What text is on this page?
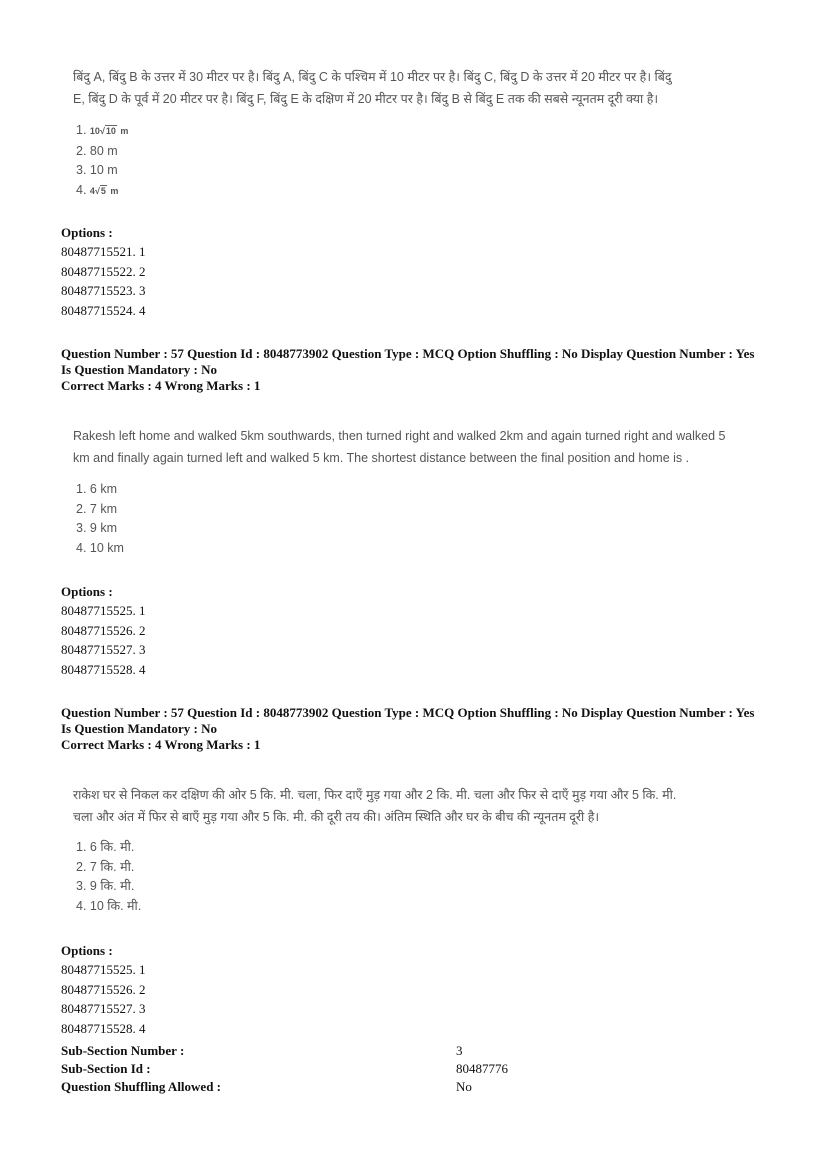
बिंदु A, बिंदु B के उत्तर में 30 मीटर पर है। बिंदु A, बिंदु C के पश्चिम में 10 मीटर पर है। बिंदु C, बिंदु D के उत्तर में 20 मीटर पर है। बिंदु
E, बिंदु D के पूर्व में 20 मीटर पर है। बिंदु F, बिंदु E के दक्षिण में 20 मीटर पर है। बिंदु B से बिंदु E तक की सबसे न्यूनतम दूरी क्या है।
1. 10√10 m
2. 80 m
3. 10 m
4. 4√5 m
Options :
80487715521. 1
80487715522. 2
80487715523. 3
80487715524. 4
Question Number : 57 Question Id : 8048773902 Question Type : MCQ Option Shuffling : No Display Question Number : Yes
Is Question Mandatory : No
Correct Marks : 4 Wrong Marks : 1
Rakesh left home and walked 5km southwards, then turned right and walked 2km and again turned right and walked 5
km and finally again turned left and walked 5 km. The shortest distance between the final position and home is .
1. 6 km
2. 7 km
3. 9 km
4. 10 km
Options :
80487715525. 1
80487715526. 2
80487715527. 3
80487715528. 4
Question Number : 57 Question Id : 8048773902 Question Type : MCQ Option Shuffling : No Display Question Number : Yes
Is Question Mandatory : No
Correct Marks : 4 Wrong Marks : 1
राकेश घर से निकल कर दक्षिण की ओर 5 कि. मी. चला, फिर दाएँ मुड़ गया और 2 कि. मी. चला और फिर से दाएँ मुड़ गया और 5 कि. मी.
चला और अंत में फिर से बाएँ मुड़ गया और 5 कि. मी. की दूरी तय की। अंतिम स्थिति और घर के बीच की न्यूनतम दूरी है।
1. 6 कि. मी.
2. 7 कि. मी.
3. 9 कि. मी.
4. 10 कि. मी.
Options :
80487715525. 1
80487715526. 2
80487715527. 3
80487715528. 4
Sub-Section Number :	3
Sub-Section Id :	80487776
Question Shuffling Allowed :	No
